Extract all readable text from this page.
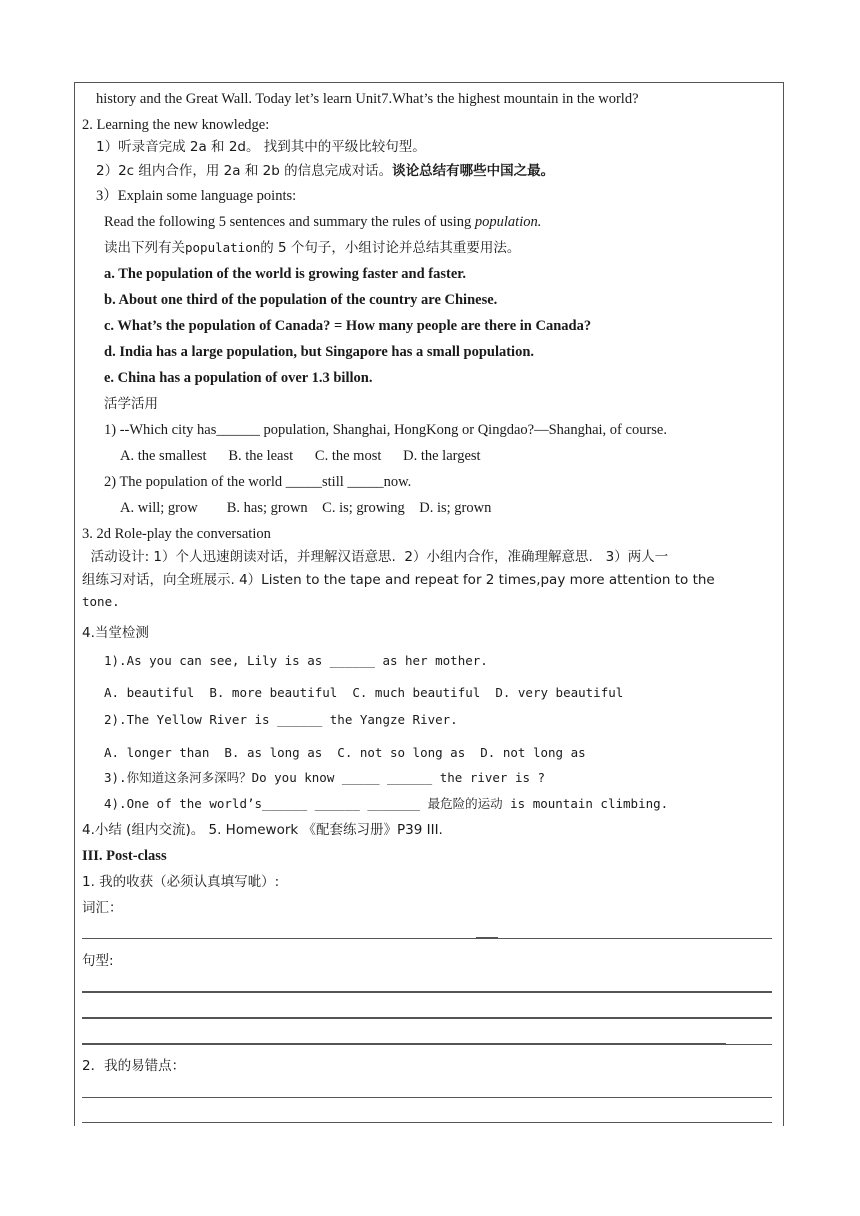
history and the Great Wall. Today let’s learn Unit7.What’s the highest mountain in the world?
2. Learning the new knowledge:
1）听录音完成 2a 和 2d。 找到其中的平级比较句型。
2）2c 组内合作，用 2a 和 2b 的信息完成对话。谈论总结有哪些中国之最。
3）Explain some language points:
Read the following 5 sentences and summary the rules of using population.
读出下列有关population的 5 个句子，小组讨论并总结其重要用法。
a. The population of the world is growing faster and faster.
b. About one third of the population of the country are Chinese.
c. What’s the population of Canada? = How many people are there in Canada?
d. India has a large population, but Singapore has a small population.
e. China has a population of over 1.3 billon.
活学活用
1) --Which city has______ population, Shanghai, HongKong or Qingdao?—Shanghai, of course.
A. the smallest      B. the least      C. the most      D. the largest
2) The population of the world _____still _____now.
A. will; grow        B. has; grown    C. is; growing    D. is; grown
3. 2d Role-play the conversation
活动设计: 1）个人迅速朗读对话，并理解汉语意思.  2）小组内合作，准确理解意思.   3）两人一
组练习对话，向全班展示. 4）Listen to the tape and repeat for 2 times,pay more attention to the
tone.
4.当堂检测
1).As you can see, Lily is as ______ as her mother.
A. beautiful  B. more beautiful  C. much beautiful  D. very beautiful
2).The Yellow River is ______ the Yangze River.
A. longer than  B. as long as  C. not so long as  D. not long as
3).你知道这条河多深吗？Do you know _____ ______ the river is ?
4).One of the world’s______ ______ _______ 最危险的运动 is mountain climbing.
4.小结 (组内交流)。 5. Homework 《配套练习册》P39 III.
III. Post-class
1. 我的收获（必须认真填写呲）:
词汇：
句型:
2．我的易错点：
